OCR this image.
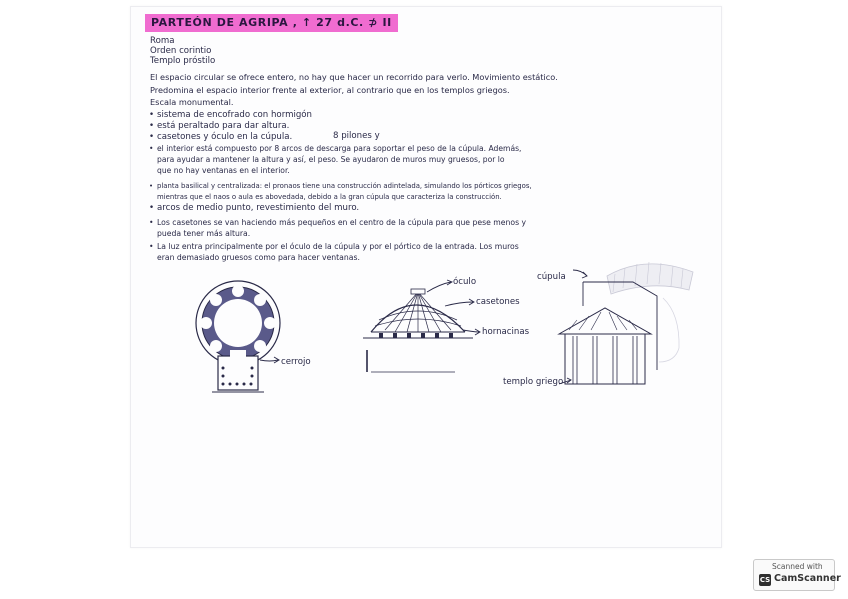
PARTEÓN DE AGRIPA , ↑ 27 d.C. ⊅ II
Roma
Orden corintio
Templo próstilo
El espacio circular se ofrece entero, no hay que hacer un recorrido para verlo. Movimiento estático.
Predomina el espacio interior frente al exterior, al contrario que en los templos griegos.
Escala monumental.
• sistema de encofrado con hormigón
• está peraltado para dar altura.
• casetones y óculo en la cúpula.	8 pilones y
• el interior está compuesto por 8 arcos de descarga para soportar el peso de la cúpula. Además,
para ayudar a mantener la altura y así, el peso. Se ayudaron de muros muy gruesos, por lo
que no hay ventanas en el interior.
• planta basilical y centralizada: el pronaos tiene una construcción adintelada, simulando los pórticos griegos,
mientras que el naos o aula es abovedada, debido a la gran cúpula que caracteriza la construcción.
• arcos de medio punto, revestimiento del muro.
• Los casetones se van haciendo más pequeños en el centro de la cúpula para que pese menos y
pueda tener más altura.
• La luz entra principalmente por el óculo de la cúpula y por el pórtico de la entrada. Los muros
eran demasiado gruesos como para hacer ventanas.
cerrojo
óculo
casetones
hornacinas
cúpula
templo griego
Scanned with
CS CamScanner
